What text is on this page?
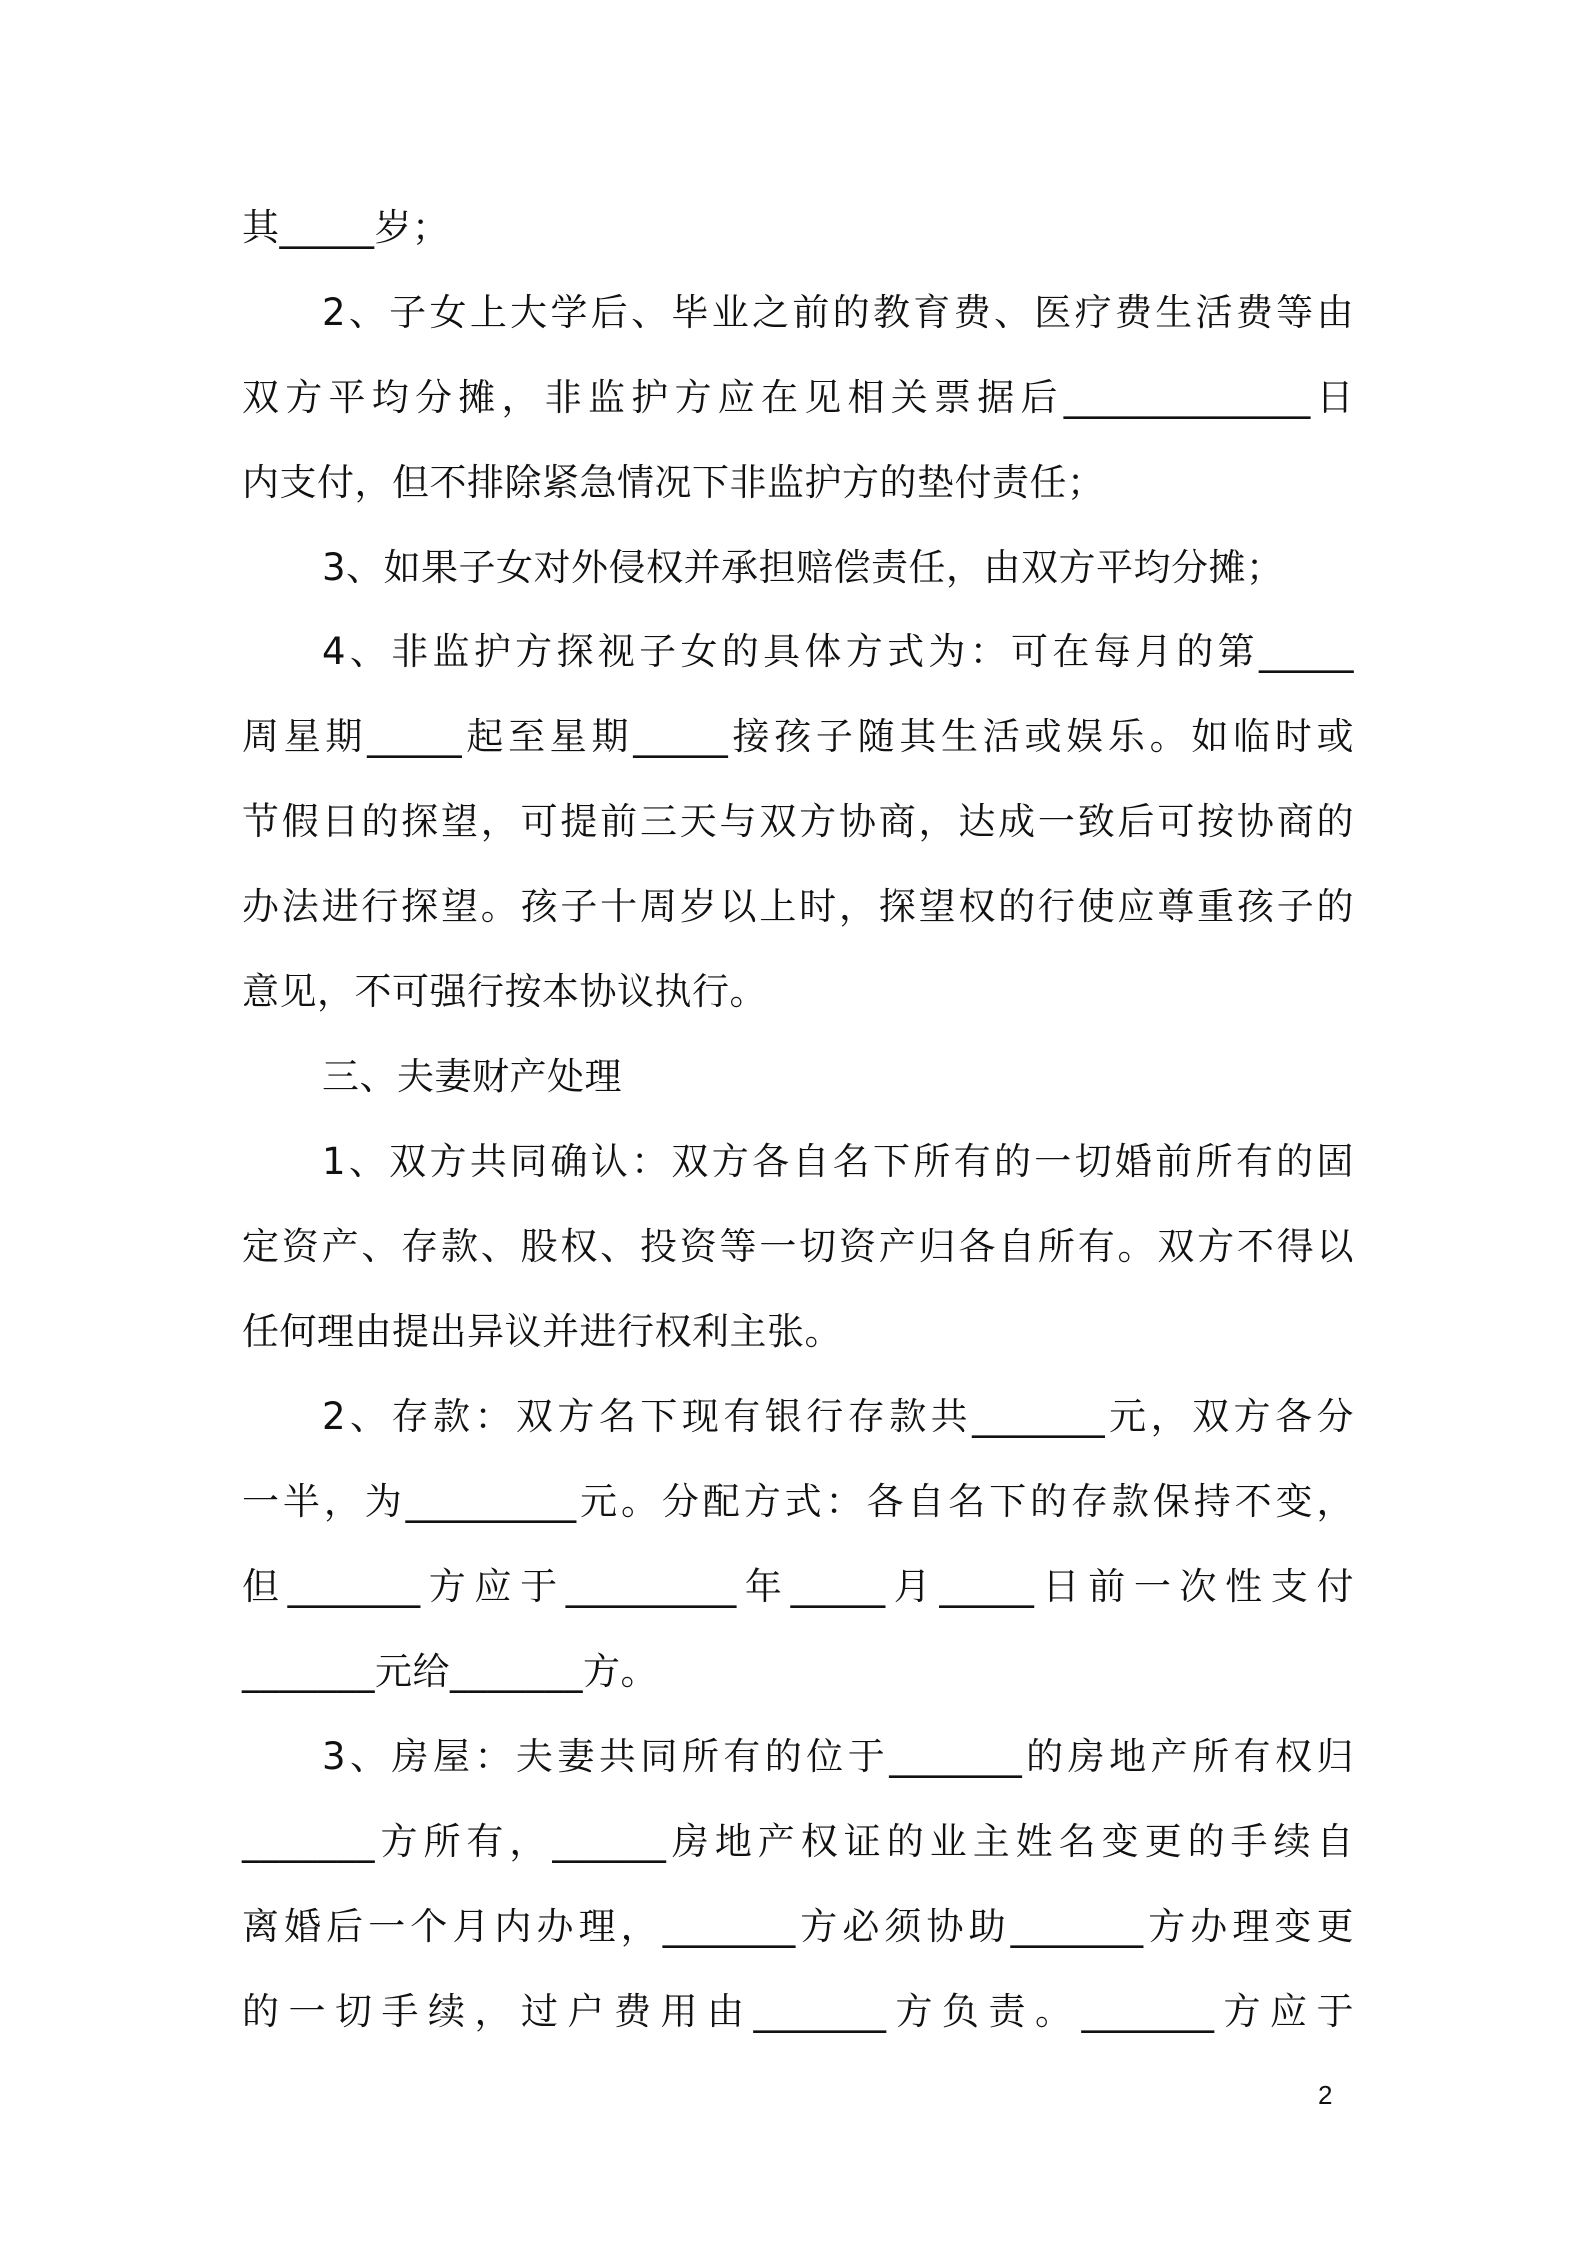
其_____岁；
2、子女上大学后、毕业之前的教育费、医疗费生活费等由
双方平均分摊，非监护方应在见相关票据后_____________日
内支付，但不排除紧急情况下非监护方的垫付责任；
3、如果子女对外侵权并承担赔偿责任，由双方平均分摊；
4、非监护方探视子女的具体方式为：可在每月的第_____
周星期_____起至星期_____接孩子随其生活或娱乐。如临时或
节假日的探望，可提前三天与双方协商，达成一致后可按协商的
办法进行探望。孩子十周岁以上时，探望权的行使应尊重孩子的
意见，不可强行按本协议执行。
三、夫妻财产处理
1、双方共同确认：双方各自名下所有的一切婚前所有的固
定资产、存款、股权、投资等一切资产归各自所有。双方不得以
任何理由提出异议并进行权利主张。
2、存款：双方名下现有银行存款共_______元，双方各分
一半，为_________元。分配方式：各自名下的存款保持不变，
但_______方应于_________年_____月_____日前一次性支付
_______元给_______方。
3、房屋：夫妻共同所有的位于_______的房地产所有权归
_______方所有，______房地产权证的业主姓名变更的手续自
离婚后一个月内办理，_______方必须协助_______方办理变更
的一切手续，过户费用由_______方负责。_______方应于
2
